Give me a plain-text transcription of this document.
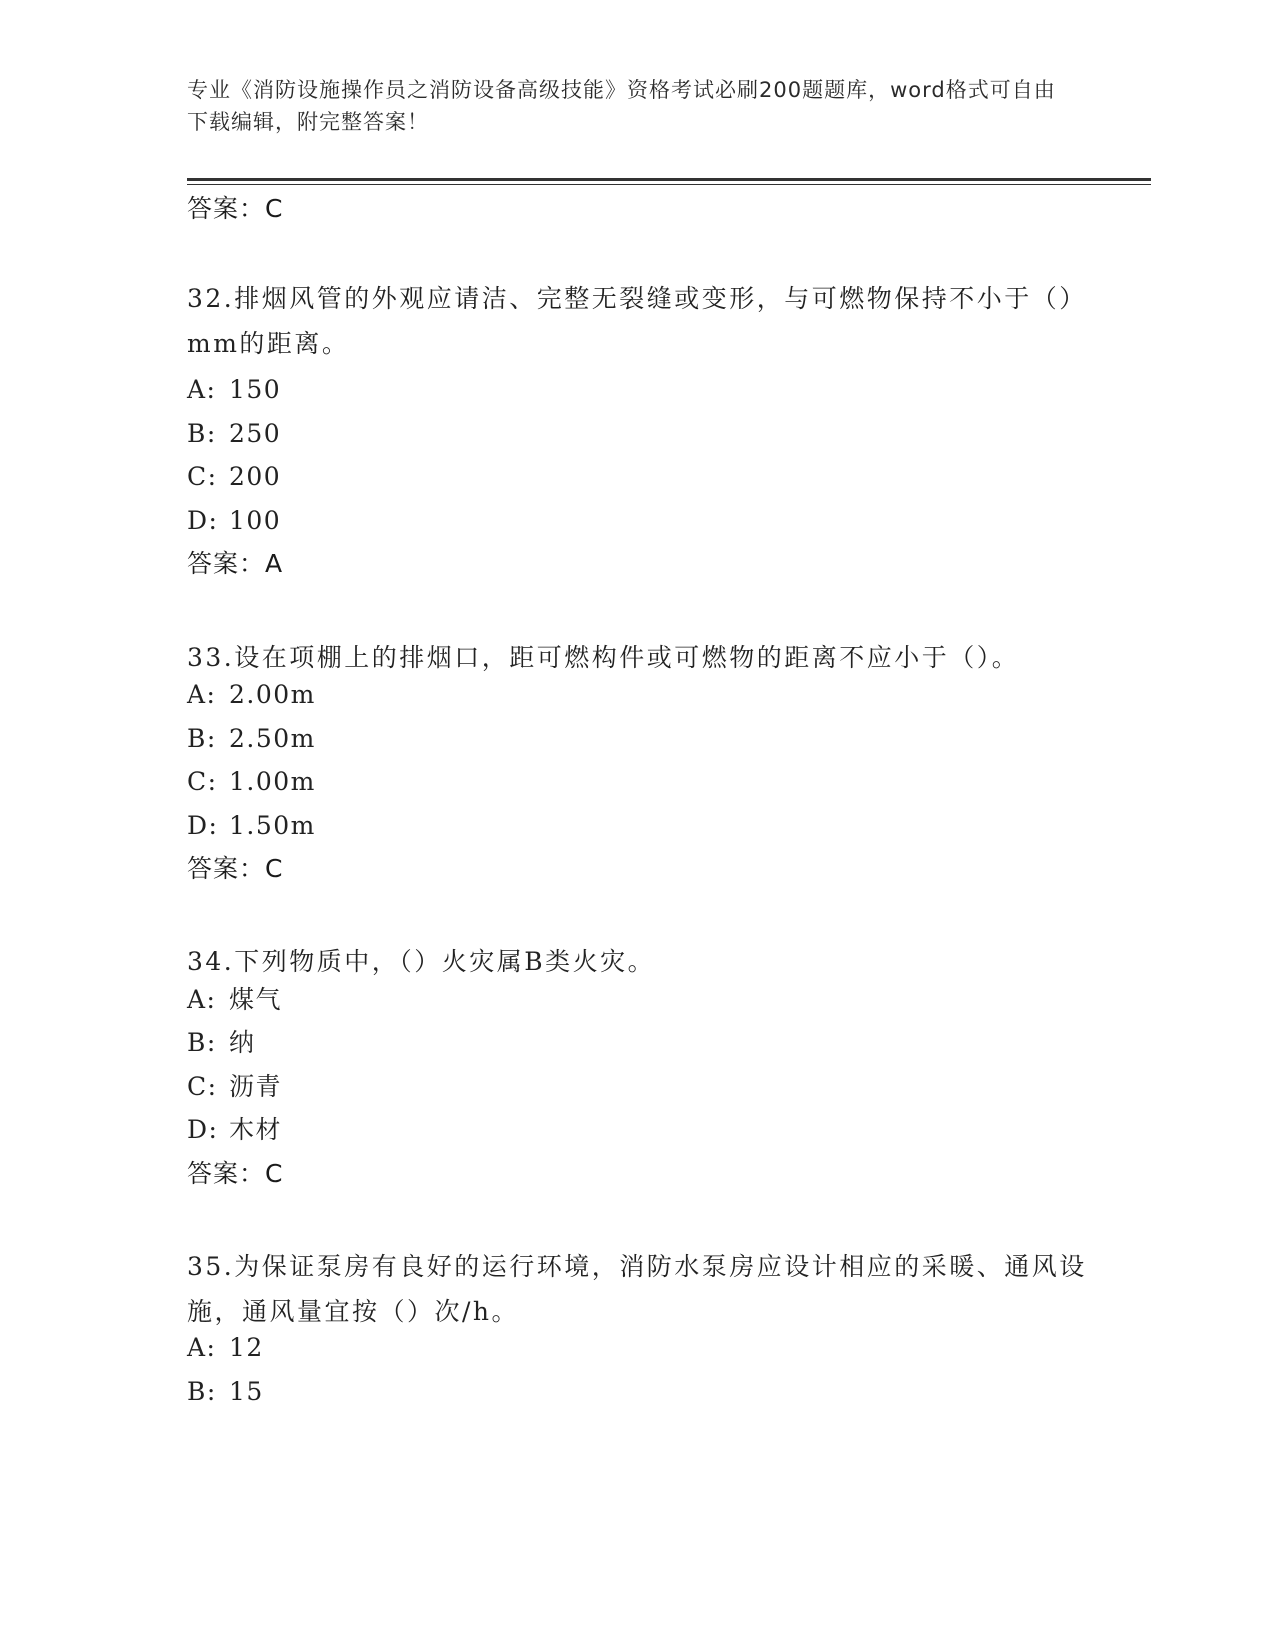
专业《消防设施操作员之消防设备高级技能》资格考试必刷200题题库，word格式可自由下载编辑，附完整答案！
答案：C
32.排烟风管的外观应请洁、完整无裂缝或变形，与可燃物保持不小于（）mm的距离。
A: 150
B: 250
C: 200
D: 100
答案：A
33.设在项棚上的排烟口，距可燃构件或可燃物的距离不应小于（）。
A: 2.00m
B: 2.50m
C: 1.00m
D: 1.50m
答案：C
34.下列物质中，（）火灾属B类火灾。
A: 煤气
B: 纳
C: 沥青
D: 木材
答案：C
35.为保证泵房有良好的运行环境，消防水泵房应设计相应的采暖、通风设施，通风量宜按（）次/h。
A: 12
B: 15
